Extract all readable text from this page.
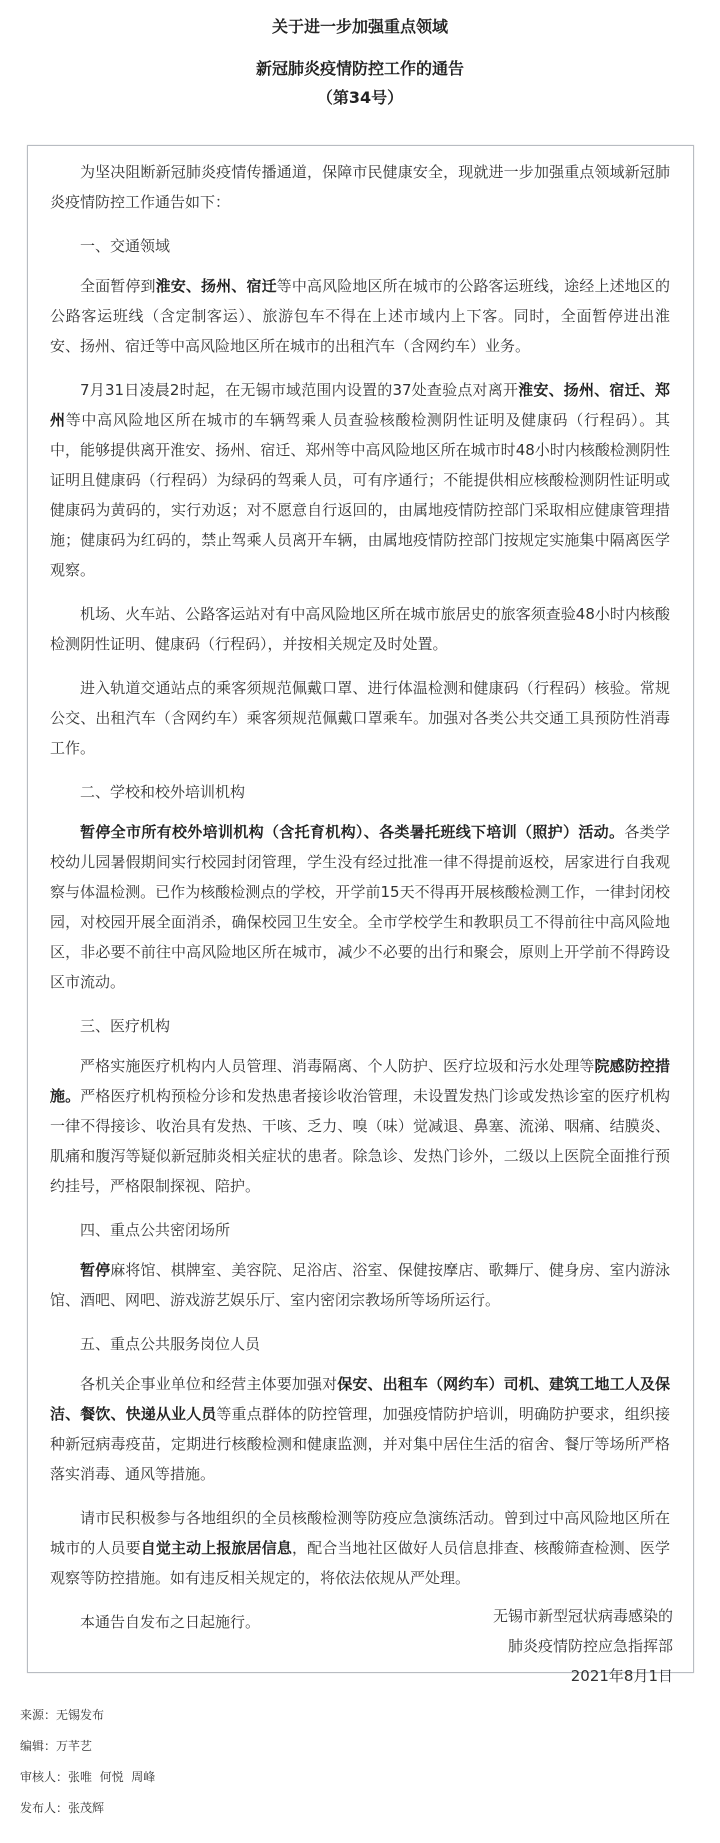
关于进一步加强重点领域
新冠肺炎疫情防控工作的通告
（第34号）

为坚决阻断新冠肺炎疫情传播通道，保障市民健康安全，现就进一步加强重点领域新冠肺炎疫情防控工作通告如下：

一、交通领域

全面暂停到淮安、扬州、宿迁等中高风险地区所在城市的公路客运班线，途经上述地区的公路客运班线（含定制客运）、旅游包车不得在上述市域内上下客。同时，全面暂停进出淮安、扬州、宿迁等中高风险地区所在城市的出租汽车（含网约车）业务。

7月31日凌晨2时起，在无锡市域范围内设置的37处查验点对离开淮安、扬州、宿迁、郑州等中高风险地区所在城市的车辆驾乘人员查验核酸检测阴性证明及健康码（行程码）。其中，能够提供离开淮安、扬州、宿迁、郑州等中高风险地区所在城市时48小时内核酸检测阴性证明且健康码（行程码）为绿码的驾乘人员，可有序通行；不能提供相应核酸检测阴性证明或健康码为黄码的，实行劝返；对不愿意自行返回的，由属地疫情防控部门采取相应健康管理措施；健康码为红码的，禁止驾乘人员离开车辆，由属地疫情防控部门按规定实施集中隔离医学观察。

机场、火车站、公路客运站对有中高风险地区所在城市旅居史的旅客须查验48小时内核酸检测阴性证明、健康码（行程码），并按相关规定及时处置。

进入轨道交通站点的乘客须规范佩戴口罩、进行体温检测和健康码（行程码）核验。常规公交、出租汽车（含网约车）乘客须规范佩戴口罩乘车。加强对各类公共交通工具预防性消毒工作。

二、学校和校外培训机构

暂停全市所有校外培训机构（含托育机构）、各类暑托班线下培训（照护）活动。各类学校幼儿园暑假期间实行校园封闭管理，学生没有经过批准一律不得提前返校，居家进行自我观察与体温检测。已作为核酸检测点的学校，开学前15天不得再开展核酸检测工作，一律封闭校园，对校园开展全面消杀，确保校园卫生安全。全市学校学生和教职员工不得前往中高风险地区，非必要不前往中高风险地区所在城市，减少不必要的出行和聚会，原则上开学前不得跨设区市流动。

三、医疗机构

严格实施医疗机构内人员管理、消毒隔离、个人防护、医疗垃圾和污水处理等院感防控措施。严格医疗机构预检分诊和发热患者接诊收治管理，未设置发热门诊或发热诊室的医疗机构一律不得接诊、收治具有发热、干咳、乏力、嗅（味）觉减退、鼻塞、流涕、咽痛、结膜炎、肌痛和腹泻等疑似新冠肺炎相关症状的患者。除急诊、发热门诊外，二级以上医院全面推行预约挂号，严格限制探视、陪护。

四、重点公共密闭场所

暂停麻将馆、棋牌室、美容院、足浴店、浴室、保健按摩店、歌舞厅、健身房、室内游泳馆、酒吧、网吧、游戏游艺娱乐厅、室内密闭宗教场所等场所运行。

五、重点公共服务岗位人员

各机关企事业单位和经营主体要加强对保安、出租车（网约车）司机、建筑工地工人及保洁、餐饮、快递从业人员等重点群体的防控管理，加强疫情防护培训，明确防护要求，组织接种新冠病毒疫苗，定期进行核酸检测和健康监测，并对集中居住生活的宿舍、餐厅等场所严格落实消毒、通风等措施。

请市民积极参与各地组织的全员核酸检测等防疫应急演练活动。曾到过中高风险地区所在城市的人员要自觉主动上报旅居信息，配合当地社区做好人员信息排查、核酸筛查检测、医学观察等防控措施。如有违反相关规定的，将依法依规从严处理。

本通告自发布之日起施行。	无锡市新型冠状病毒感染的
肺炎疫情防控应急指挥部
2021年8月1日
来源：无锡发布
编辑：万芊艺
审核人：张唯  何悦  周峰
发布人：张茂辉
